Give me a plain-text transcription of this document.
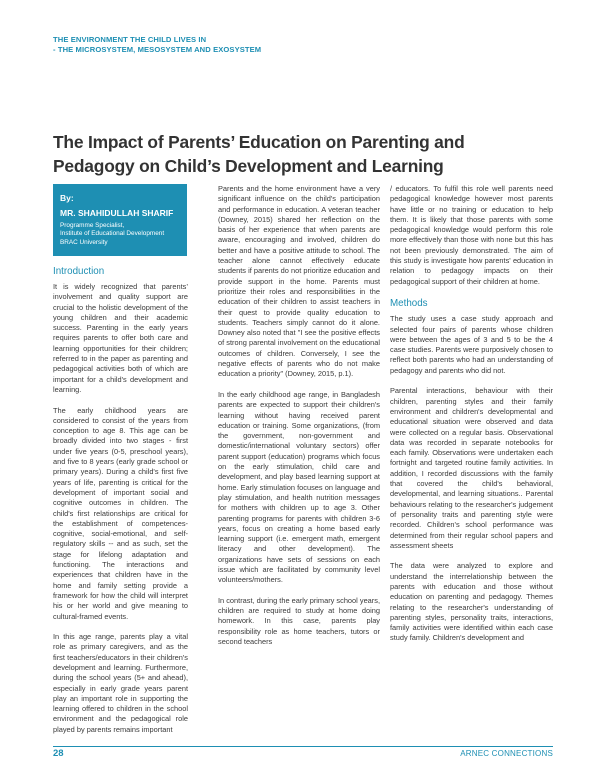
THE ENVIRONMENT THE CHILD LIVES IN
- THE MICROSYSTEM, MESOSYSTEM AND EXOSYSTEM
The Impact of Parents’ Education on Parenting and
Pedagogy on Child’s Development and Learning
By:
MR. SHAHIDULLAH SHARIF
Programme Specialist,
Institute of Educational Development
BRAC University
Introduction

It is widely recognized that parents’ involvement and quality support are crucial to the holistic development of the young children and their academic success. Parenting in the early years requires parents to offer both care and learning opportunities for their children; referred to in the paper as parenting and pedagogical activities both of which are important for a child's development and learning.

The early childhood years are considered to consist of the years from conception to age 8. This age can be broadly divided into two stages - first under five years (0-5, preschool years), and five to 8 years (early grade school or primary years). During a child's first five years of life, parenting is critical for the development of important social and cognitive outcomes in children. The child's first relationships are critical for the establishment of competences- cognitive, social-emotional, and self-regulatory skills -- and as such, set the stage for lifelong adaptation and functioning. The interactions and experiences that children have in the home and family setting provide a framework for how the child will interpret his or her world and give meaning to cultural-framed events.

In this age range, parents play a vital role as primary caregivers, and as the first teachers/educators in their children's development and learning. Furthermore, during the school years (5+ and ahead), especially in early grade years parent play an important role in supporting the learning offered to children in the school environment and the pedagogical role played by parents remains important

Parents and the home environment have a very significant influence on the child's participation and performance in education. A veteran teacher (Downey, 2015) shared her reflection on the basis of her experience that when parents are aware, encouraging and involved, children do better and have a positive attitude to school. The teacher alone cannot effectively educate students if parents do not prioritize education and provide support in the home. Parents must prioritize their roles and responsibilities in the education of their children to assist teachers in their quest to provide quality education to students. Teachers simply cannot do it alone. Downey also noted that "I see the positive effects of strong parental involvement on the educational outcomes of children. Conversely, I see the negative effects of parents who do not make education a priority" (Downey, 2015, p.1).

In the early childhood age range, in Bangladesh parents are expected to support their children's learning without having received parent education or training. Some organizations, (from the government, non-government and domestic/international voluntary sectors) offer parent support (education) programs which focus on the early stimulation, child care and development, and play based learning support at home. Early stimulation focuses on language and play stimulation, and health nutrition messages for mothers with children up to age 3. Other parenting programs for parents with children 3-6 years, focus on creating a home based early learning support (i.e. emergent math, emergent literacy and other development). The organizations have sets of sessions on each issue which are facilitated by community level volunteers/mothers.

In contrast, during the early primary school years, children are required to study at home doing homework. In this case, parents play responsibility role as home teachers, tutors or second teachers

/ educators. To fulfil this role well parents need pedagogical knowledge however most parents have little or no training or education to help them. It is likely that those parents with some pedagogical knowledge would perform this role more effectively than those with none but this has not been previously demonstrated. The aim of this study is investigate how parents' education in relation to pedagogy impacts on their pedagogical support of their children at home.

Methods

The study uses a case study approach and selected four pairs of parents whose children were between the ages of 3 and 5 to be the 4 case studies. Parents were purposively chosen to reflect both parents who had an understanding of pedagogy and parents who did not.

Parental interactions, behaviour with their children, parenting styles and their family environment and children's developmental and educational situation were observed and data were collected on a regular basis. Observational data was recorded in separate notebooks for each family. Observations were undertaken each fortnight and targeted routine family activities. In addition, I recorded discussions with the family that covered the child's behavioral, developmental, and learning situations.. Parental behaviours relating to the researcher's judgement of personality traits and parenting style were recorded. Children's school performance was determined from their regular school papers and assessment sheets

The data were analyzed to explore and understand the interrelationship between the parents with education and those without education on parenting and pedagogy. Themes relating to the researcher's understanding of parenting styles, personality traits, interactions, family activities were identified within each case study family. Children's development and

28	ARNEC CONNECTIONS
